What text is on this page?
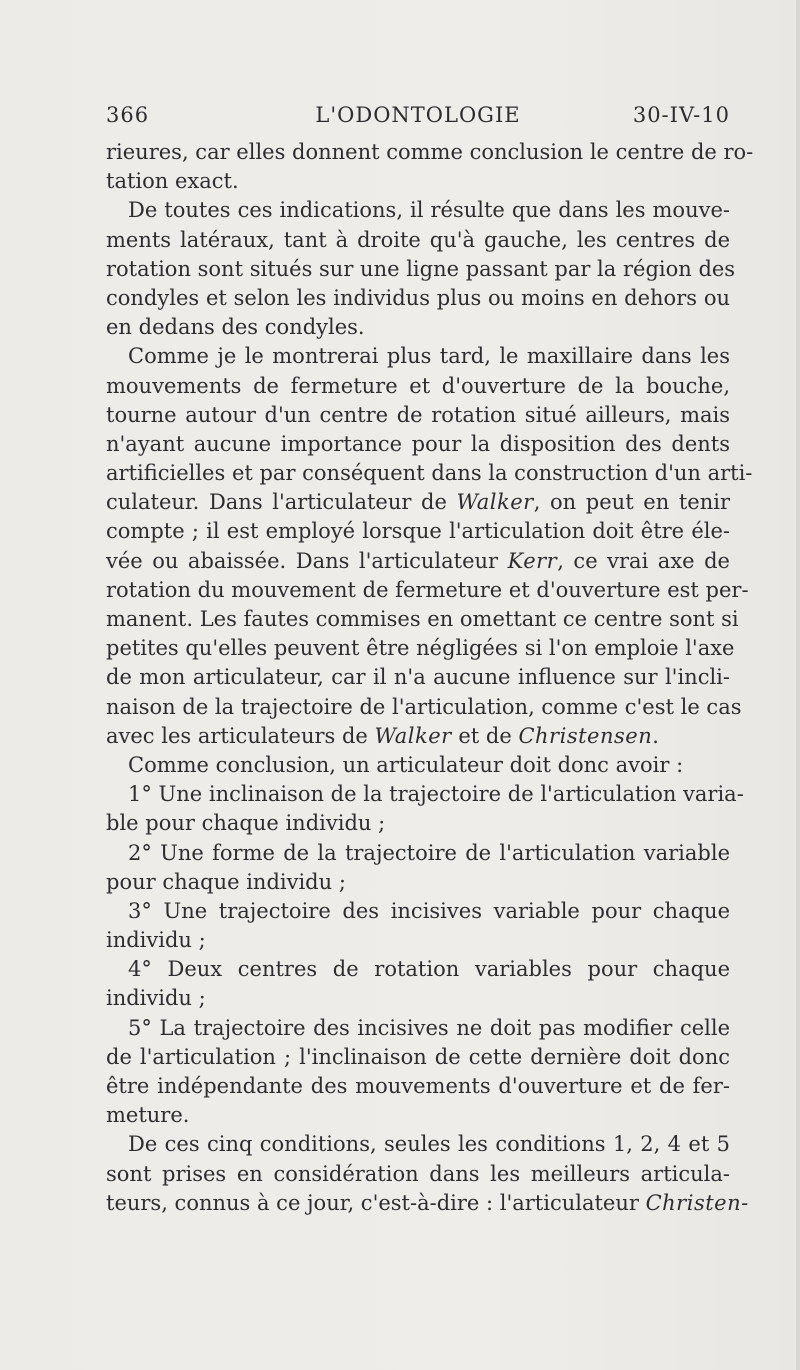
366	L'ODONTOLOGIE	30-IV-10
rieures, car elles donnent comme conclusion le centre de ro-
tation exact.
De toutes ces indications, il résulte que dans les mouve-
ments latéraux, tant à droite qu'à gauche, les centres de
rotation sont situés sur une ligne passant par la région des
condyles et selon les individus plus ou moins en dehors ou
en dedans des condyles.
Comme je le montrerai plus tard, le maxillaire dans les
mouvements de fermeture et d'ouverture de la bouche,
tourne autour d'un centre de rotation situé ailleurs, mais
n'ayant aucune importance pour la disposition des dents
artificielles et par conséquent dans la construction d'un arti-
culateur. Dans l'articulateur de Walker, on peut en tenir
compte ; il est employé lorsque l'articulation doit être éle-
vée ou abaissée. Dans l'articulateur Kerr, ce vrai axe de
rotation du mouvement de fermeture et d'ouverture est per-
manent. Les fautes commises en omettant ce centre sont si
petites qu'elles peuvent être négligées si l'on emploie l'axe
de mon articulateur, car il n'a aucune influence sur l'incli-
naison de la trajectoire de l'articulation, comme c'est le cas
avec les articulateurs de Walker et de Christensen.
Comme conclusion, un articulateur doit donc avoir :
1° Une inclinaison de la trajectoire de l'articulation varia-
ble pour chaque individu ;
2° Une forme de la trajectoire de l'articulation variable
pour chaque individu ;
3° Une trajectoire des incisives variable pour chaque
individu ;
4° Deux centres de rotation variables pour chaque
individu ;
5° La trajectoire des incisives ne doit pas modifier celle
de l'articulation ; l'inclinaison de cette dernière doit donc
être indépendante des mouvements d'ouverture et de fer-
meture.
De ces cinq conditions, seules les conditions 1, 2, 4 et 5
sont prises en considération dans les meilleurs articula-
teurs, connus à ce jour, c'est-à-dire : l'articulateur Christen-
